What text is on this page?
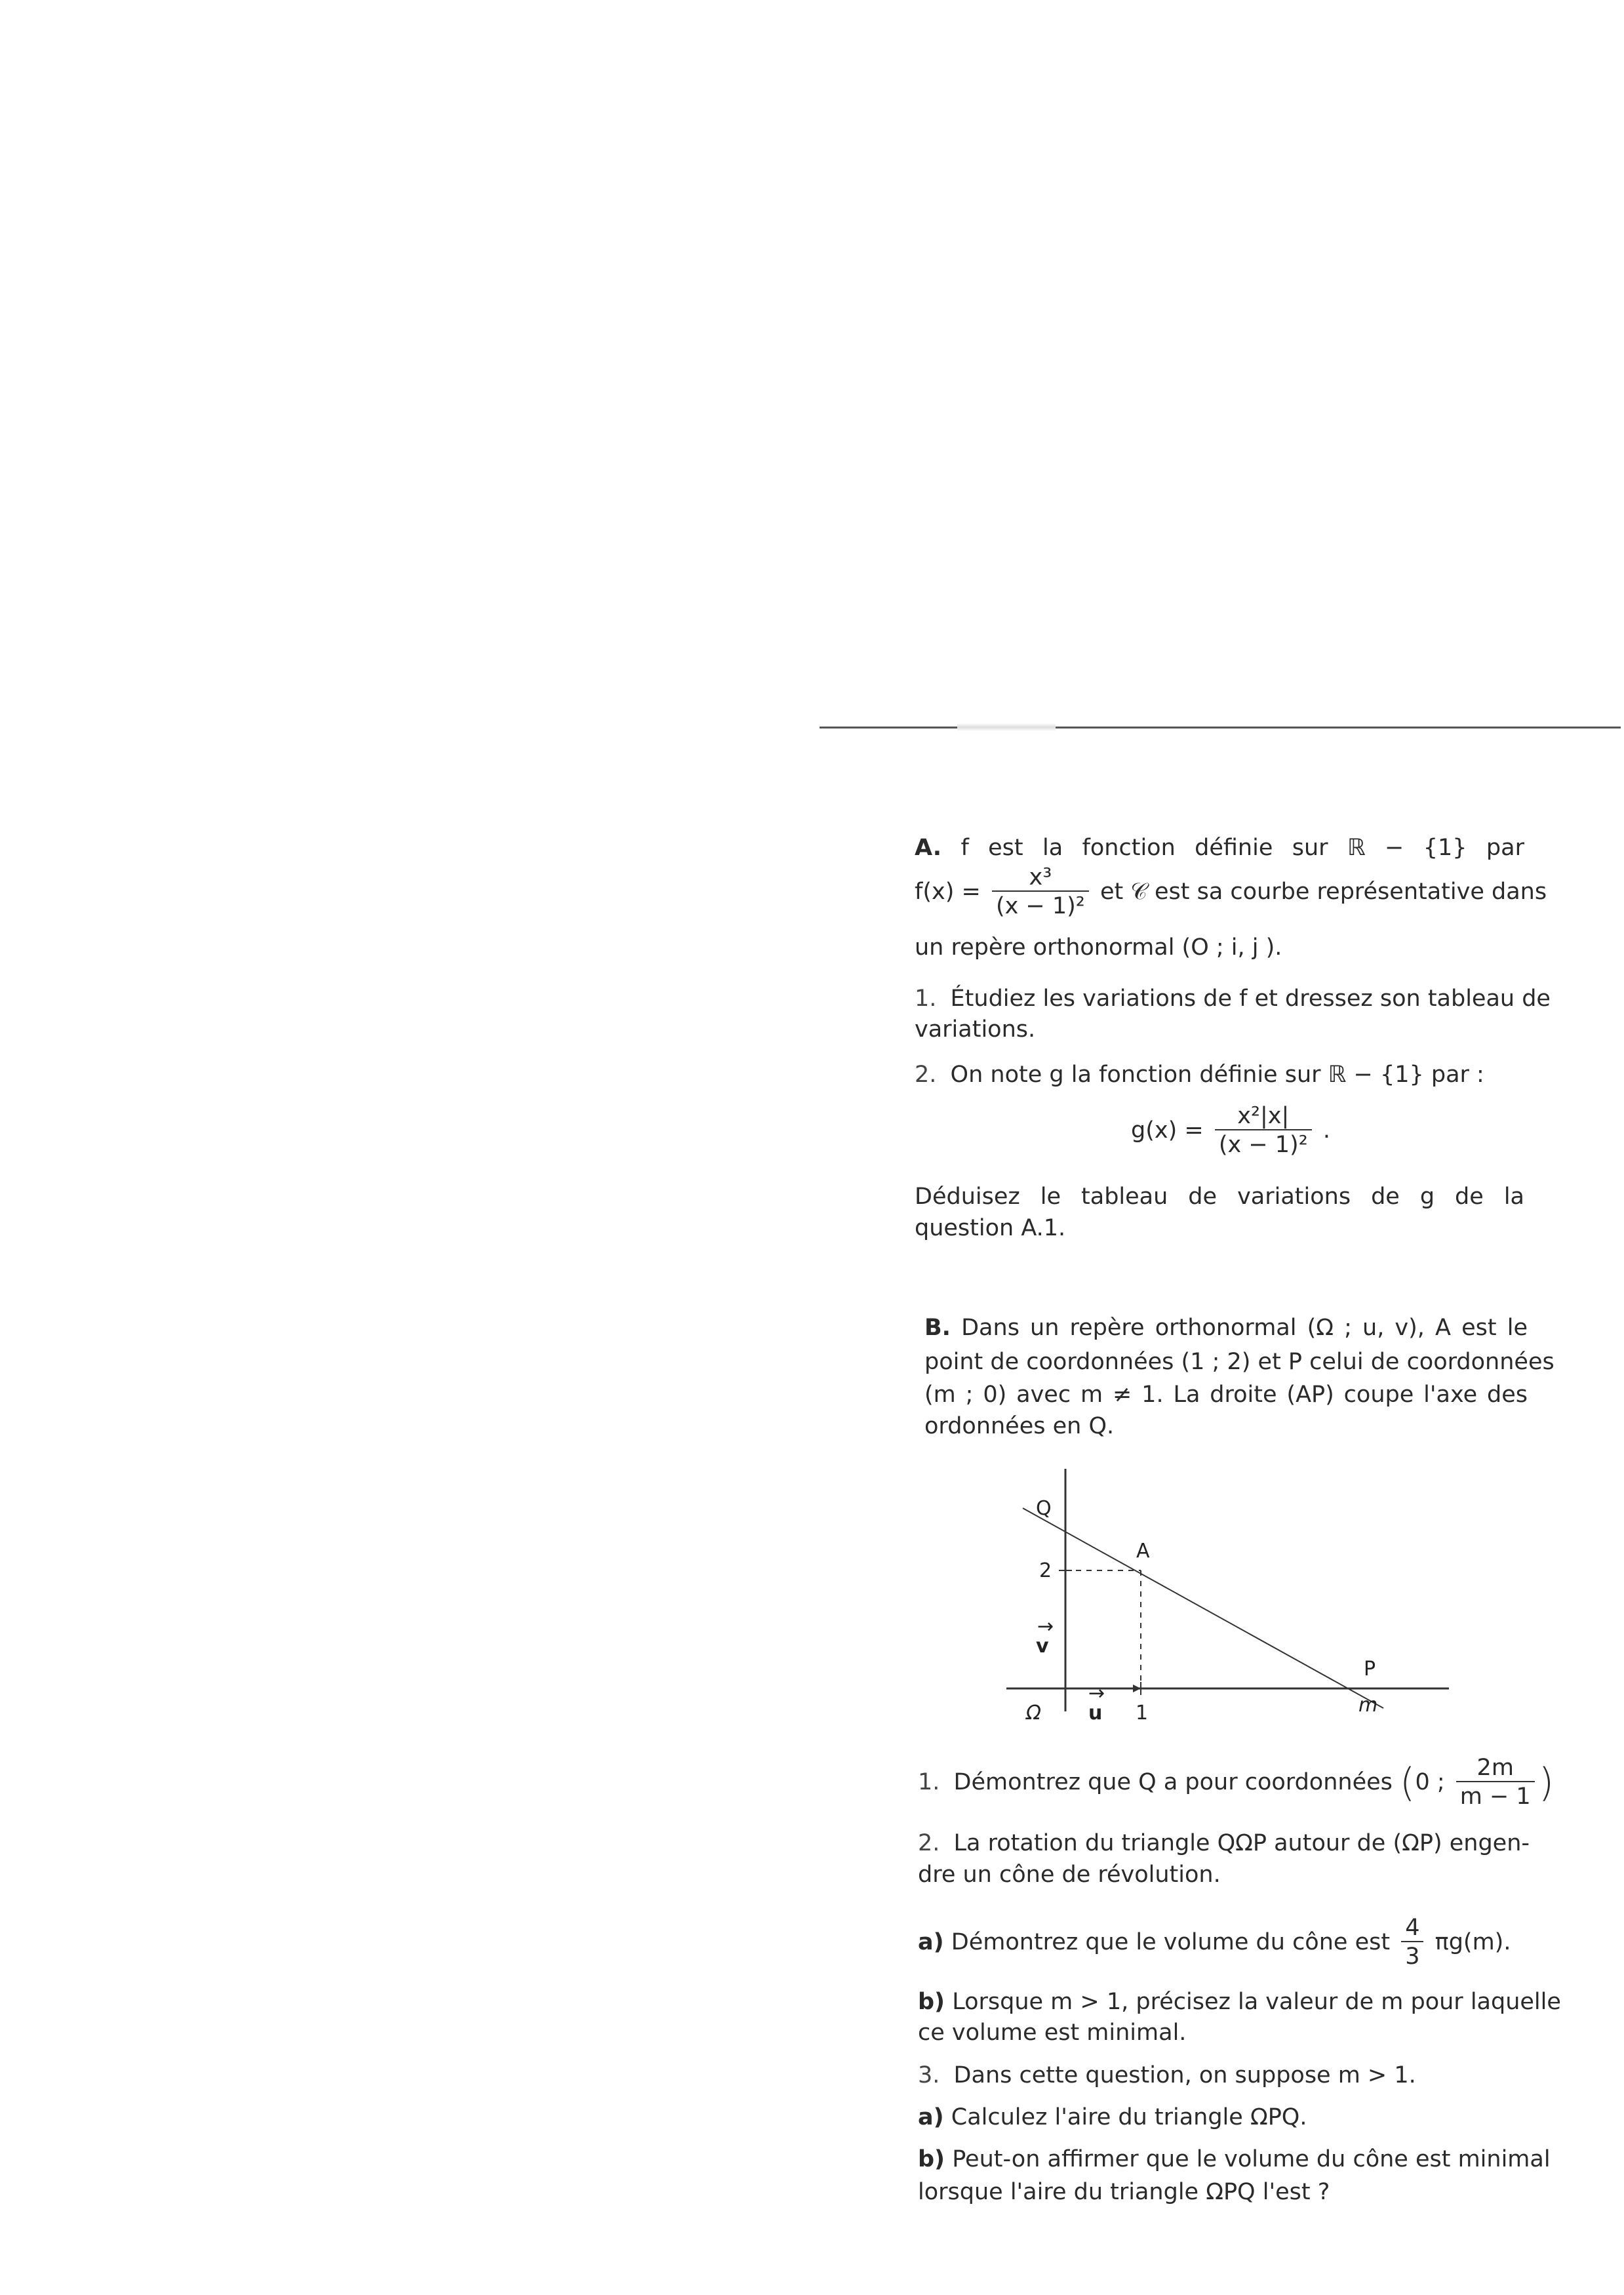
A. f est la fonction définie sur ℝ − {1} par
$f(x) = \frac{\text{x³}}{\text{(x − 1)²}}$ et 𝒞 est sa courbe représentative dans
un repère orthonormal (O ; i, j ).
1. Étudiez les variations de f et dressez son tableau de
variations.
2. On note g la fonction définie sur ℝ − {1} par :
$g(x) = \frac{\text{x²|x|}}{\text{(x − 1)²}}$ .
Déduisez le tableau de variations de g de la
question A.1.
B. Dans un repère orthonormal (Ω ; u, v), A est le
point de coordonnées (1 ; 2) et P celui de coordonnées
(m ; 0) avec m ≠ 1. La droite (AP) coupe l'axe des
ordonnées en Q.
Q
2
A
v
→
P
Ω u
→
1	m
1. Démontrez que Q a pour coordonnées (0 ; $\frac{2m}{m - 1}$ )
2. La rotation du triangle QΩP autour de (ΩP) engen-
dre un cône de révolution.
a) Démontrez que le volume du cône est $\frac{4}{3} \pi g(m)$.
b) Lorsque m > 1, précisez la valeur de m pour laquelle
ce volume est minimal.
3. Dans cette question, on suppose m > 1.
a) Calculez l'aire du triangle ΩPQ.
b) Peut-on affirmer que le volume du cône est minimal
lorsque l'aire du triangle ΩPQ l'est ?
